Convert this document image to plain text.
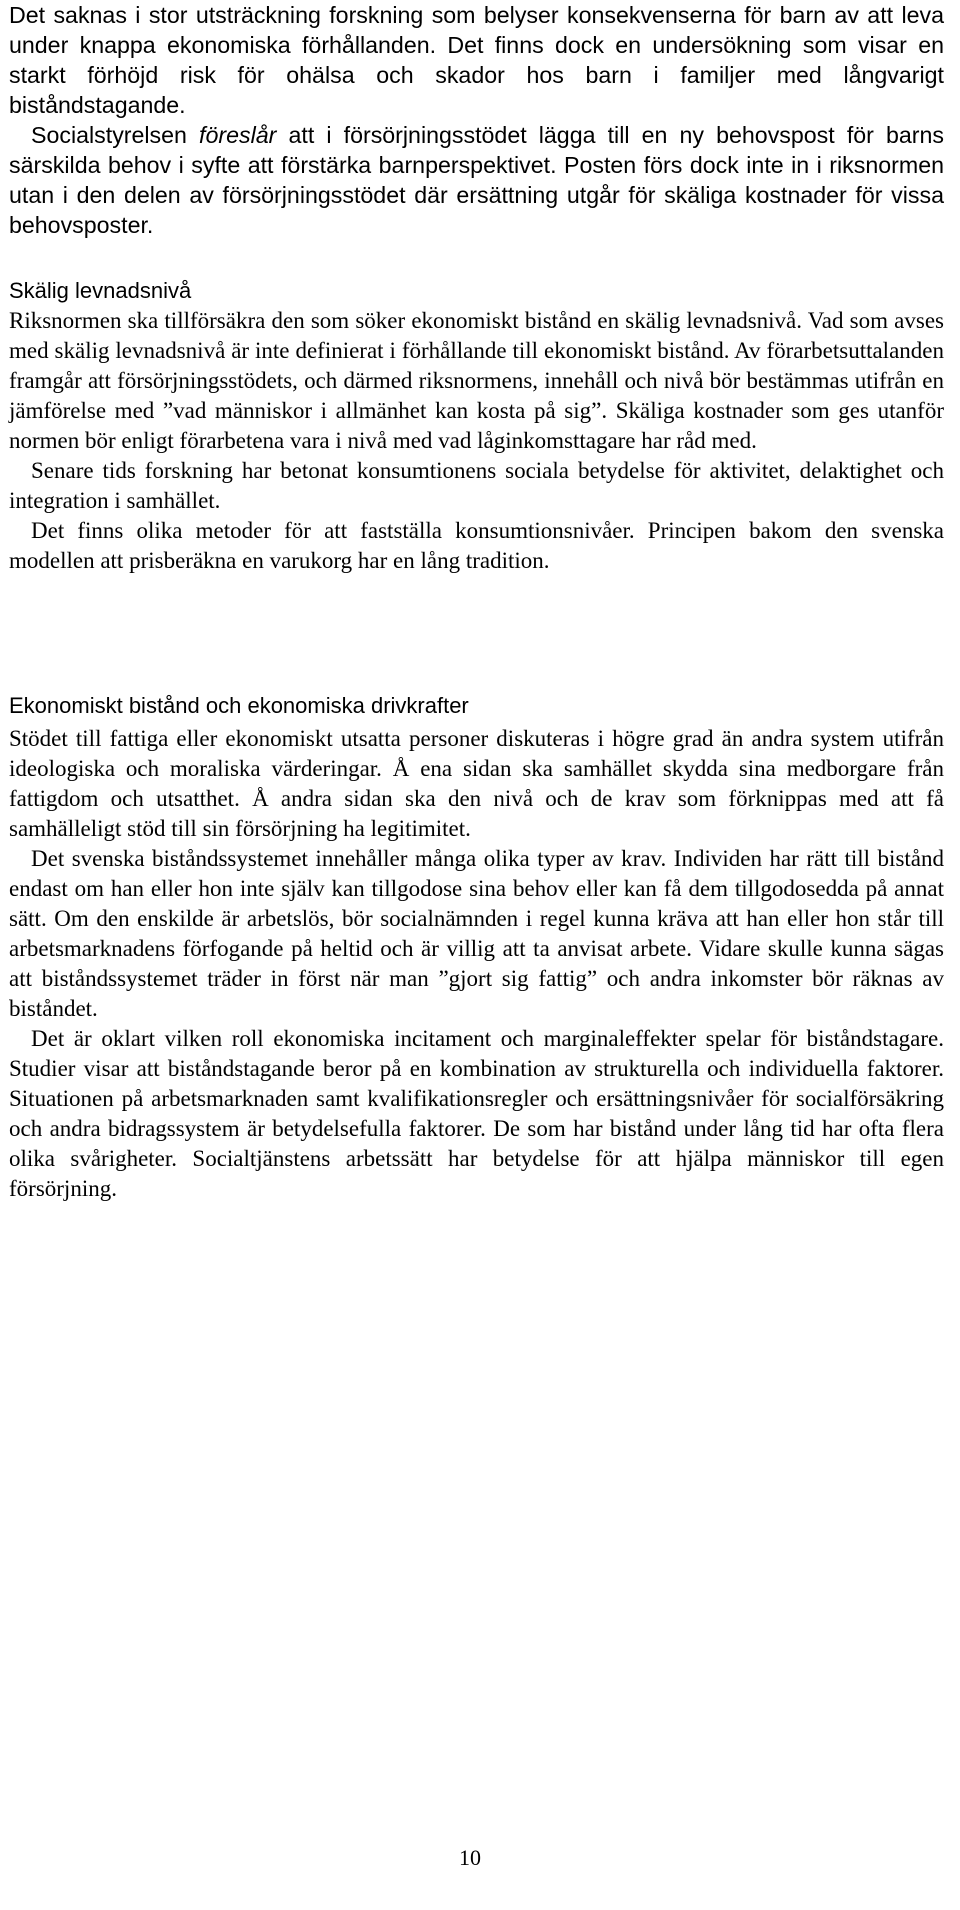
Det saknas i stor utsträckning forskning som belyser konsekvenserna för barn av att leva under knappa ekonomiska förhållanden. Det finns dock en undersökning som visar en starkt förhöjd risk för ohälsa och skador hos barn i familjer med långvarigt biståndstagande.

Socialstyrelsen föreslår att i försörjningsstödet lägga till en ny behovspost för barns särskilda behov i syfte att förstärka barnperspektivet. Posten förs dock inte in i riksnormen utan i den delen av försörjningsstödet där ersättning utgår för skäliga kostnader för vissa behovsposter.

Skälig levnadsnivå

Riksnormen ska tillförsäkra den som söker ekonomiskt bistånd en skälig levnadsnivå. Vad som avses med skälig levnadsnivå är inte definierat i förhållande till ekonomiskt bistånd. Av förarbetsuttalanden framgår att försörjningsstödets, och därmed riksnormens, innehåll och nivå bör bestämmas utifrån en jämförelse med ”vad människor i allmänhet kan kosta på sig”. Skäliga kostnader som ges utanför normen bör enligt förarbetena vara i nivå med vad låginkomsttagare har råd med.

Senare tids forskning har betonat konsumtionens sociala betydelse för aktivitet, delaktighet och integration i samhället.

Det finns olika metoder för att fastställa konsumtionsnivåer. Principen bakom den svenska modellen att prisberäkna en varukorg har en lång tradition.

Ekonomiskt bistånd och ekonomiska drivkrafter

Stödet till fattiga eller ekonomiskt utsatta personer diskuteras i högre grad än andra system utifrån ideologiska och moraliska värderingar. Å ena sidan ska samhället skydda sina medborgare från fattigdom och utsatthet. Å andra sidan ska den nivå och de krav som förknippas med att få samhälleligt stöd till sin försörjning ha legitimitet.

Det svenska biståndssystemet innehåller många olika typer av krav. Individen har rätt till bistånd endast om han eller hon inte själv kan tillgodose sina behov eller kan få dem tillgodosedda på annat sätt. Om den enskilde är arbetslös, bör socialnämnden i regel kunna kräva att han eller hon står till arbetsmarknadens förfogande på heltid och är villig att ta anvisat arbete. Vidare skulle kunna sägas att biståndssystemet träder in först när man ”gjort sig fattig” och andra inkomster bör räknas av biståndet.

Det är oklart vilken roll ekonomiska incitament och marginaleffekter spelar för biståndstagare. Studier visar att biståndstagande beror på en kombination av strukturella och individuella faktorer. Situationen på arbetsmarknaden samt kvalifikationsregler och ersättningsnivåer för socialförsäkring och andra bidragssystem är betydelsefulla faktorer. De som har bistånd under lång tid har ofta flera olika svårigheter. Socialtjänstens arbetssätt har betydelse för att hjälpa människor till egen försörjning.

10
